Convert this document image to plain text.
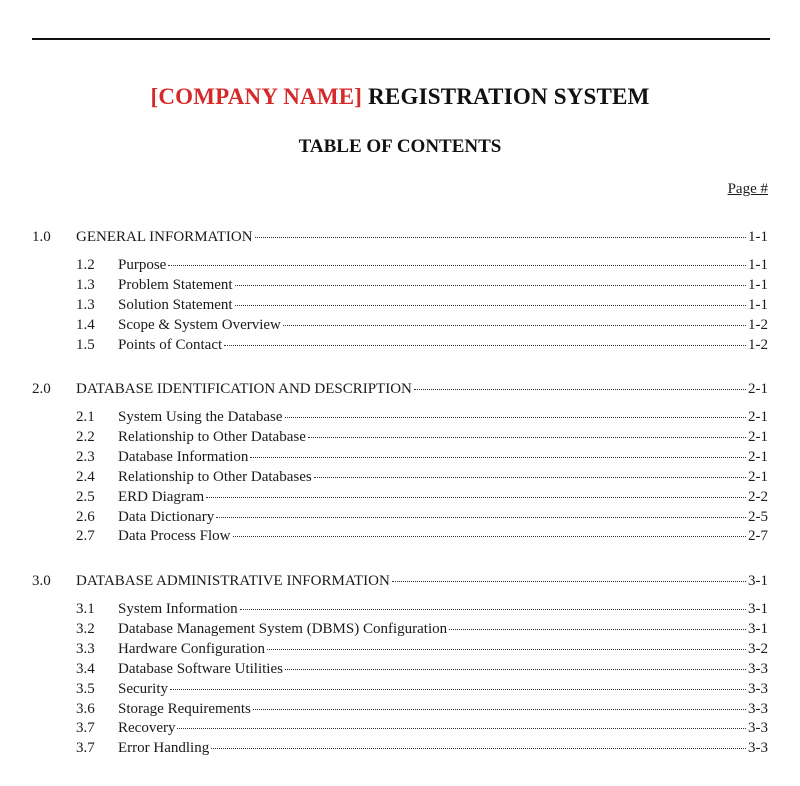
[COMPANY NAME] REGISTRATION SYSTEM
TABLE OF CONTENTS
Page #
1.0	GENERAL INFORMATION	1-1
1.2	Purpose	1-1
1.3	Problem Statement	1-1
1.3	Solution Statement	1-1
1.4	Scope & System Overview	1-2
1.5	Points of Contact	1-2
2.0	DATABASE IDENTIFICATION AND DESCRIPTION	2-1
2.1	System Using the Database	2-1
2.2	Relationship to Other Database	2-1
2.3	Database Information	2-1
2.4	Relationship to Other Databases	2-1
2.5	ERD Diagram	2-2
2.6	Data Dictionary	2-5
2.7	Data Process Flow	2-7
3.0	DATABASE ADMINISTRATIVE INFORMATION	3-1
3.1	System Information	3-1
3.2	Database Management System (DBMS) Configuration	3-1
3.3	Hardware Configuration	3-2
3.4	Database Software Utilities	3-3
3.5	Security	3-3
3.6	Storage Requirements	3-3
3.7	Recovery	3-3
3.7	Error Handling	3-3
